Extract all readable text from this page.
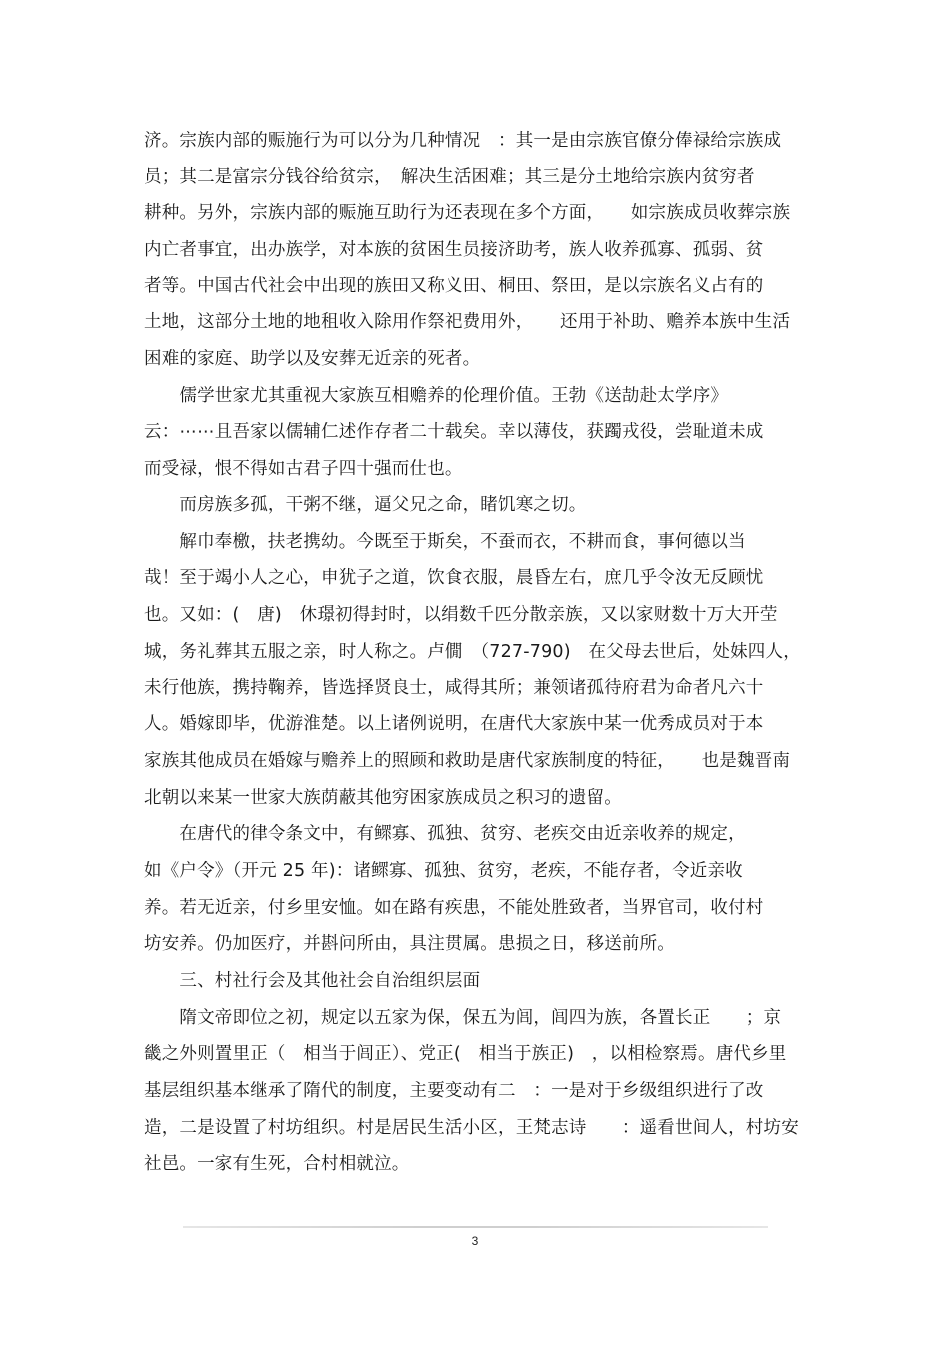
济。宗族内部的赈施行为可以分为几种情况　：其一是由宗族官僚分俸禄给宗族成
员；其二是富宗分钱谷给贫宗，　解决生活困难；其三是分土地给宗族内贫穷者
耕种。另外，宗族内部的赈施互助行为还表现在多个方面，　　如宗族成员收葬宗族
内亡者事宜，出办族学，对本族的贫困生员接济助考，族人收养孤寡、孤弱、贫
者等。中国古代社会中出现的族田又称义田、桐田、祭田，是以宗族名义占有的
土地，这部分土地的地租收入除用作祭祀费用外，　　还用于补助、赡养本族中生活
困难的家庭、助学以及安葬无近亲的死者。
　　儒学世家尤其重视大家族互相赡养的伦理价值。王勃《送劼赴太学序》
云：⋯⋯且吾家以儒辅仁述作存者二十载矣。幸以薄伎，获躅戎役，尝耻道未成
而受禄，恨不得如古君子四十强而仕也。
　　而房族多孤，干粥不继，逼父兄之命，睹饥寒之切。
　　解巾奉檄，扶老携幼。今既至于斯矣，不蚕而衣，不耕而食，事何德以当
哉！至于竭小人之心，申犹子之道，饮食衣服，晨昏左右，庶几乎令汝无反顾忧
也。又如：(　唐)　休璟初得封时，以绢数千匹分散亲族，又以家财数十万大开茔
城，务礼葬其五服之亲，时人称之。卢僩　（727-790)　在父母去世后，处妹四人，
未行他族，携持鞠养，皆选择贤良士，咸得其所；兼领诸孤待府君为命者凡六十
人。婚嫁即毕，优游淮楚。以上诸例说明，在唐代大家族中某一优秀成员对于本
家族其他成员在婚嫁与赡养上的照顾和救助是唐代家族制度的特征，　　也是魏晋南
北朝以来某一世家大族荫蔽其他穷困家族成员之积习的遗留。
　　在唐代的律令条文中，有鳏寡、孤独、贫穷、老疾交由近亲收养的规定，
如《户令》（开元 25 年)：诸鳏寡、孤独、贫穷，老疾，不能存者，令近亲收
养。若无近亲，付乡里安恤。如在路有疾患，不能处胜致者，当界官司，收付村
坊安养。仍加医疗，并斟问所由，具注贯属。患损之日，移送前所。
　　三、村社行会及其他社会自治组织层面
　　隋文帝即位之初，规定以五家为保，保五为闾，闾四为族，各置长正　　；京
畿之外则置里正（　相当于闾正）、党正(　相当于族正)　，以相检察焉。唐代乡里
基层组织基本继承了隋代的制度，主要变动有二　：一是对于乡级组织进行了改
造，二是设置了村坊组织。村是居民生活小区，王梵志诗　　：遥看世间人，村坊安
社邑。一家有生死，合村相就泣。
3
